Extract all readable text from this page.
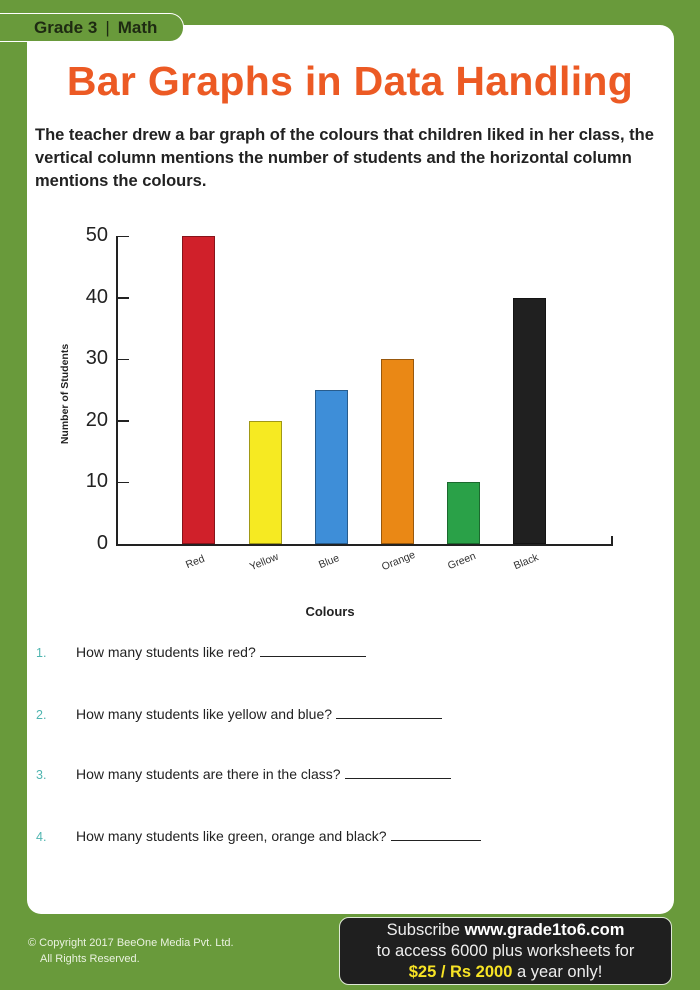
Grade 3 | Math
Bar Graphs in Data Handling
The teacher drew a bar graph of the colours that children liked in her class, the vertical column mentions the number of students and the horizontal column mentions the colours.
Number of Students
Colours
0
10
20
30
40
50
Red	Yellow	Blue	Orange	Green	Black
1.	How many students like red?
2.	How many students like yellow and blue?
3.	How many students are there in the class?
4.	How many students like green, orange and black?
© Copyright 2017 BeeOne Media Pvt. Ltd.
All Rights Reserved.
Subscribe www.grade1to6.com
to access 6000 plus worksheets for
$25 / Rs 2000 a year only!
